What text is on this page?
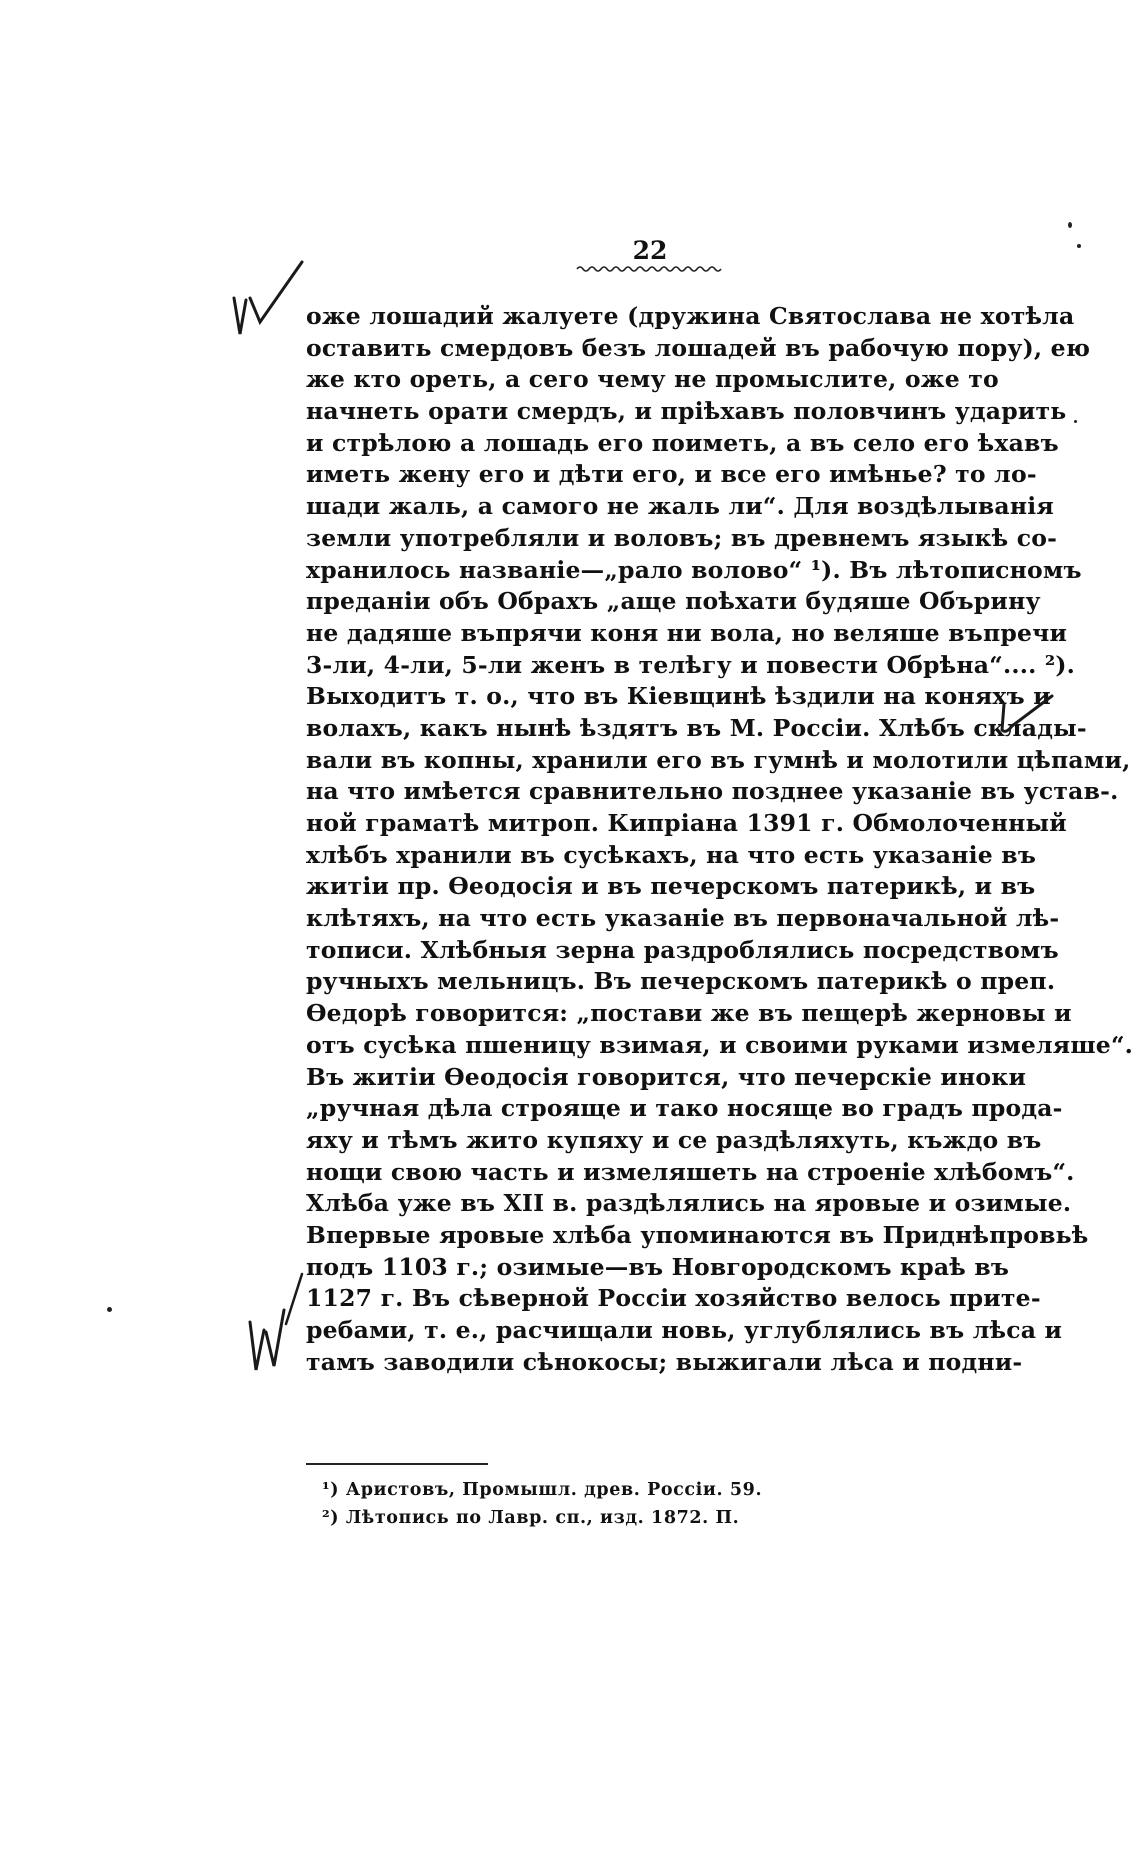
22
оже лошадий жалуете (дружина Святослава не хотѣла
оставить смердовъ безъ лошадей въ рабочую пору), ею
же кто ореть, а сего чему не промыслите, оже то
начнеть орати смердъ, и пріѣхавъ половчинъ ударить
и стрѣлою а лошадь его поиметь, а въ село его ѣхавъ
иметь жену его и дѣти его, и все его имѣнье? то ло-
шади жаль, а самого не жаль ли“. Для воздѣлыванія
земли употребляли и воловъ; въ древнемъ языкѣ со-
хранилось названіе—„рало волово“ ¹). Въ лѣтописномъ
преданіи объ Обрахъ „аще поѣхати будяше Обърину
не дадяше въпрячи коня ни вола, но веляше въпречи
3-ли, 4-ли, 5-ли женъ в телѣгу и повести Обрѣна“.... ²).
Выходитъ т. о., что въ Кіевщинѣ ѣздили на коняхъ и
волахъ, какъ нынѣ ѣздятъ въ М. Россіи. Хлѣбъ склады-
вали въ копны, хранили его въ гумнѣ и молотили цѣпами,
на что имѣется сравнительно позднее указаніе въ устав-.
ной граматѣ митроп. Кипріана 1391 г. Обмолоченный
хлѣбъ хранили въ сусѣкахъ, на что есть указаніе въ
житіи пр. Ѳеодосія и въ печерскомъ патерикѣ, и въ
клѣтяхъ, на что есть указаніе въ первоначальной лѣ-
тописи. Хлѣбныя зерна раздроблялись посредствомъ
ручныхъ мельницъ. Въ печерскомъ патерикѣ о преп.
Ѳедорѣ говорится: „постави же въ пещерѣ жерновы и
отъ сусѣка пшеницу взимая, и своими руками измеляше“.
Въ житіи Ѳеодосія говорится, что печерскіе иноки
„ручная дѣла строяще и тако носяще во градъ прода-
яху и тѣмъ жито купяху и се раздѣляхуть, къждо въ
нощи свою часть и измеляшеть на строеніе хлѣбомъ“.
Хлѣба уже въ XII в. раздѣлялись на яровые и озимые.
Впервые яровые хлѣба упоминаются въ Приднѣпровьѣ
подъ 1103 г.; озимые—въ Новгородскомъ краѣ въ
1127 г. Въ сѣверной Россіи хозяйство велось прите-
ребами, т. е., расчищали новь, углублялись въ лѣса и
тамъ заводили сѣнокосы; выжигали лѣса и подни-
¹) Аристовъ, Промышл. древ. Россіи. 59.
²) Лѣтопись по Лавр. сп., изд. 1872. П.
